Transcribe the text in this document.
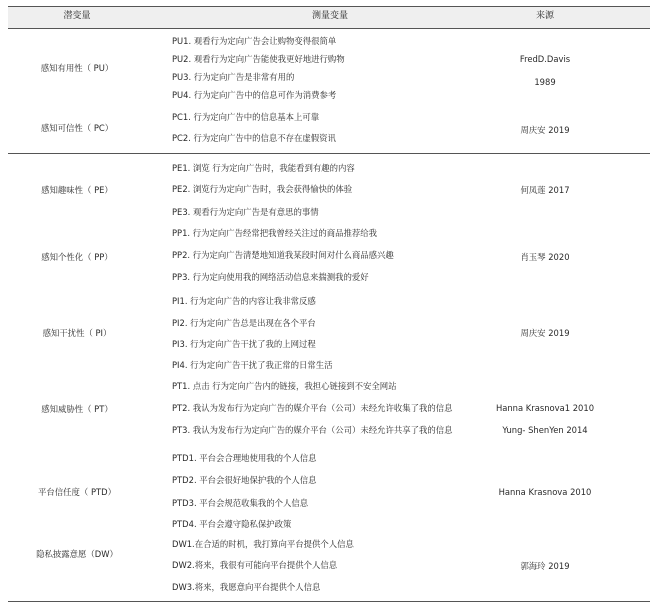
潜变量	测量变量	来源
感知有用性（ PU）
PU1. 观看行为定向广告会让购物变得很简单
PU2. 观看行为定向广告能使我更好地进行购物
PU3. 行为定向广告是非常有用的
PU4. 行为定向广告中的信息可作为消费参考
FredD.Davis
1989
感知可信性（ PC）
PC1. 行为定向广告中的信息基本上可靠
PC2. 行为定向广告中的信息不存在虚假资讯
周庆安 2019
感知趣味性（ PE）
PE1. 浏览 行为定向广告时，我能看到有趣的内容
PE2. 浏览行为定向广告时，我会获得愉快的体验
PE3. 观看行为定向广告是有意思的事情
何凤莲 2017
感知个性化（ PP）
PP1. 行为定向广告经常把我曾经关注过的商品推荐给我
PP2. 行为定向广告清楚地知道我某段时间对什么商品感兴趣
PP3. 行为定向使用我的网络活动信息来揣测我的爱好
肖玉琴 2020
感知干扰性（ PI）
PI1. 行为定向广告的内容让我非常反感
PI2. 行为定向广告总是出现在各个平台
PI3. 行为定向广告干扰了我的上网过程
PI4. 行为定向广告干扰了我正常的日常生活
周庆安 2019
感知威胁性（ PT）
PT1. 点击 行为定向广告内的链接，我担心链接到不安全网站
PT2. 我认为发布行为定向广告的媒介平台（公司）未经允许收集了我的信息
PT3. 我认为发布行为定向广告的媒介平台（公司）未经允许共享了我的信息
Hanna Krasnova1 2010
Yung- ShenYen 2014
平台信任度（ PTD）
PTD1. 平台会合理地使用我的个人信息
PTD2. 平台会很好地保护我的个人信息
PTD3. 平台会规范收集我的个人信息
PTD4. 平台会遵守隐私保护政策
Hanna Krasnova 2010
隐私披露意愿（DW）
DW1.在合适的时机，我打算向平台提供个人信息
DW2.将来，我很有可能向平台提供个人信息
DW3.将来，我愿意向平台提供个人信息
郭海玲 2019
